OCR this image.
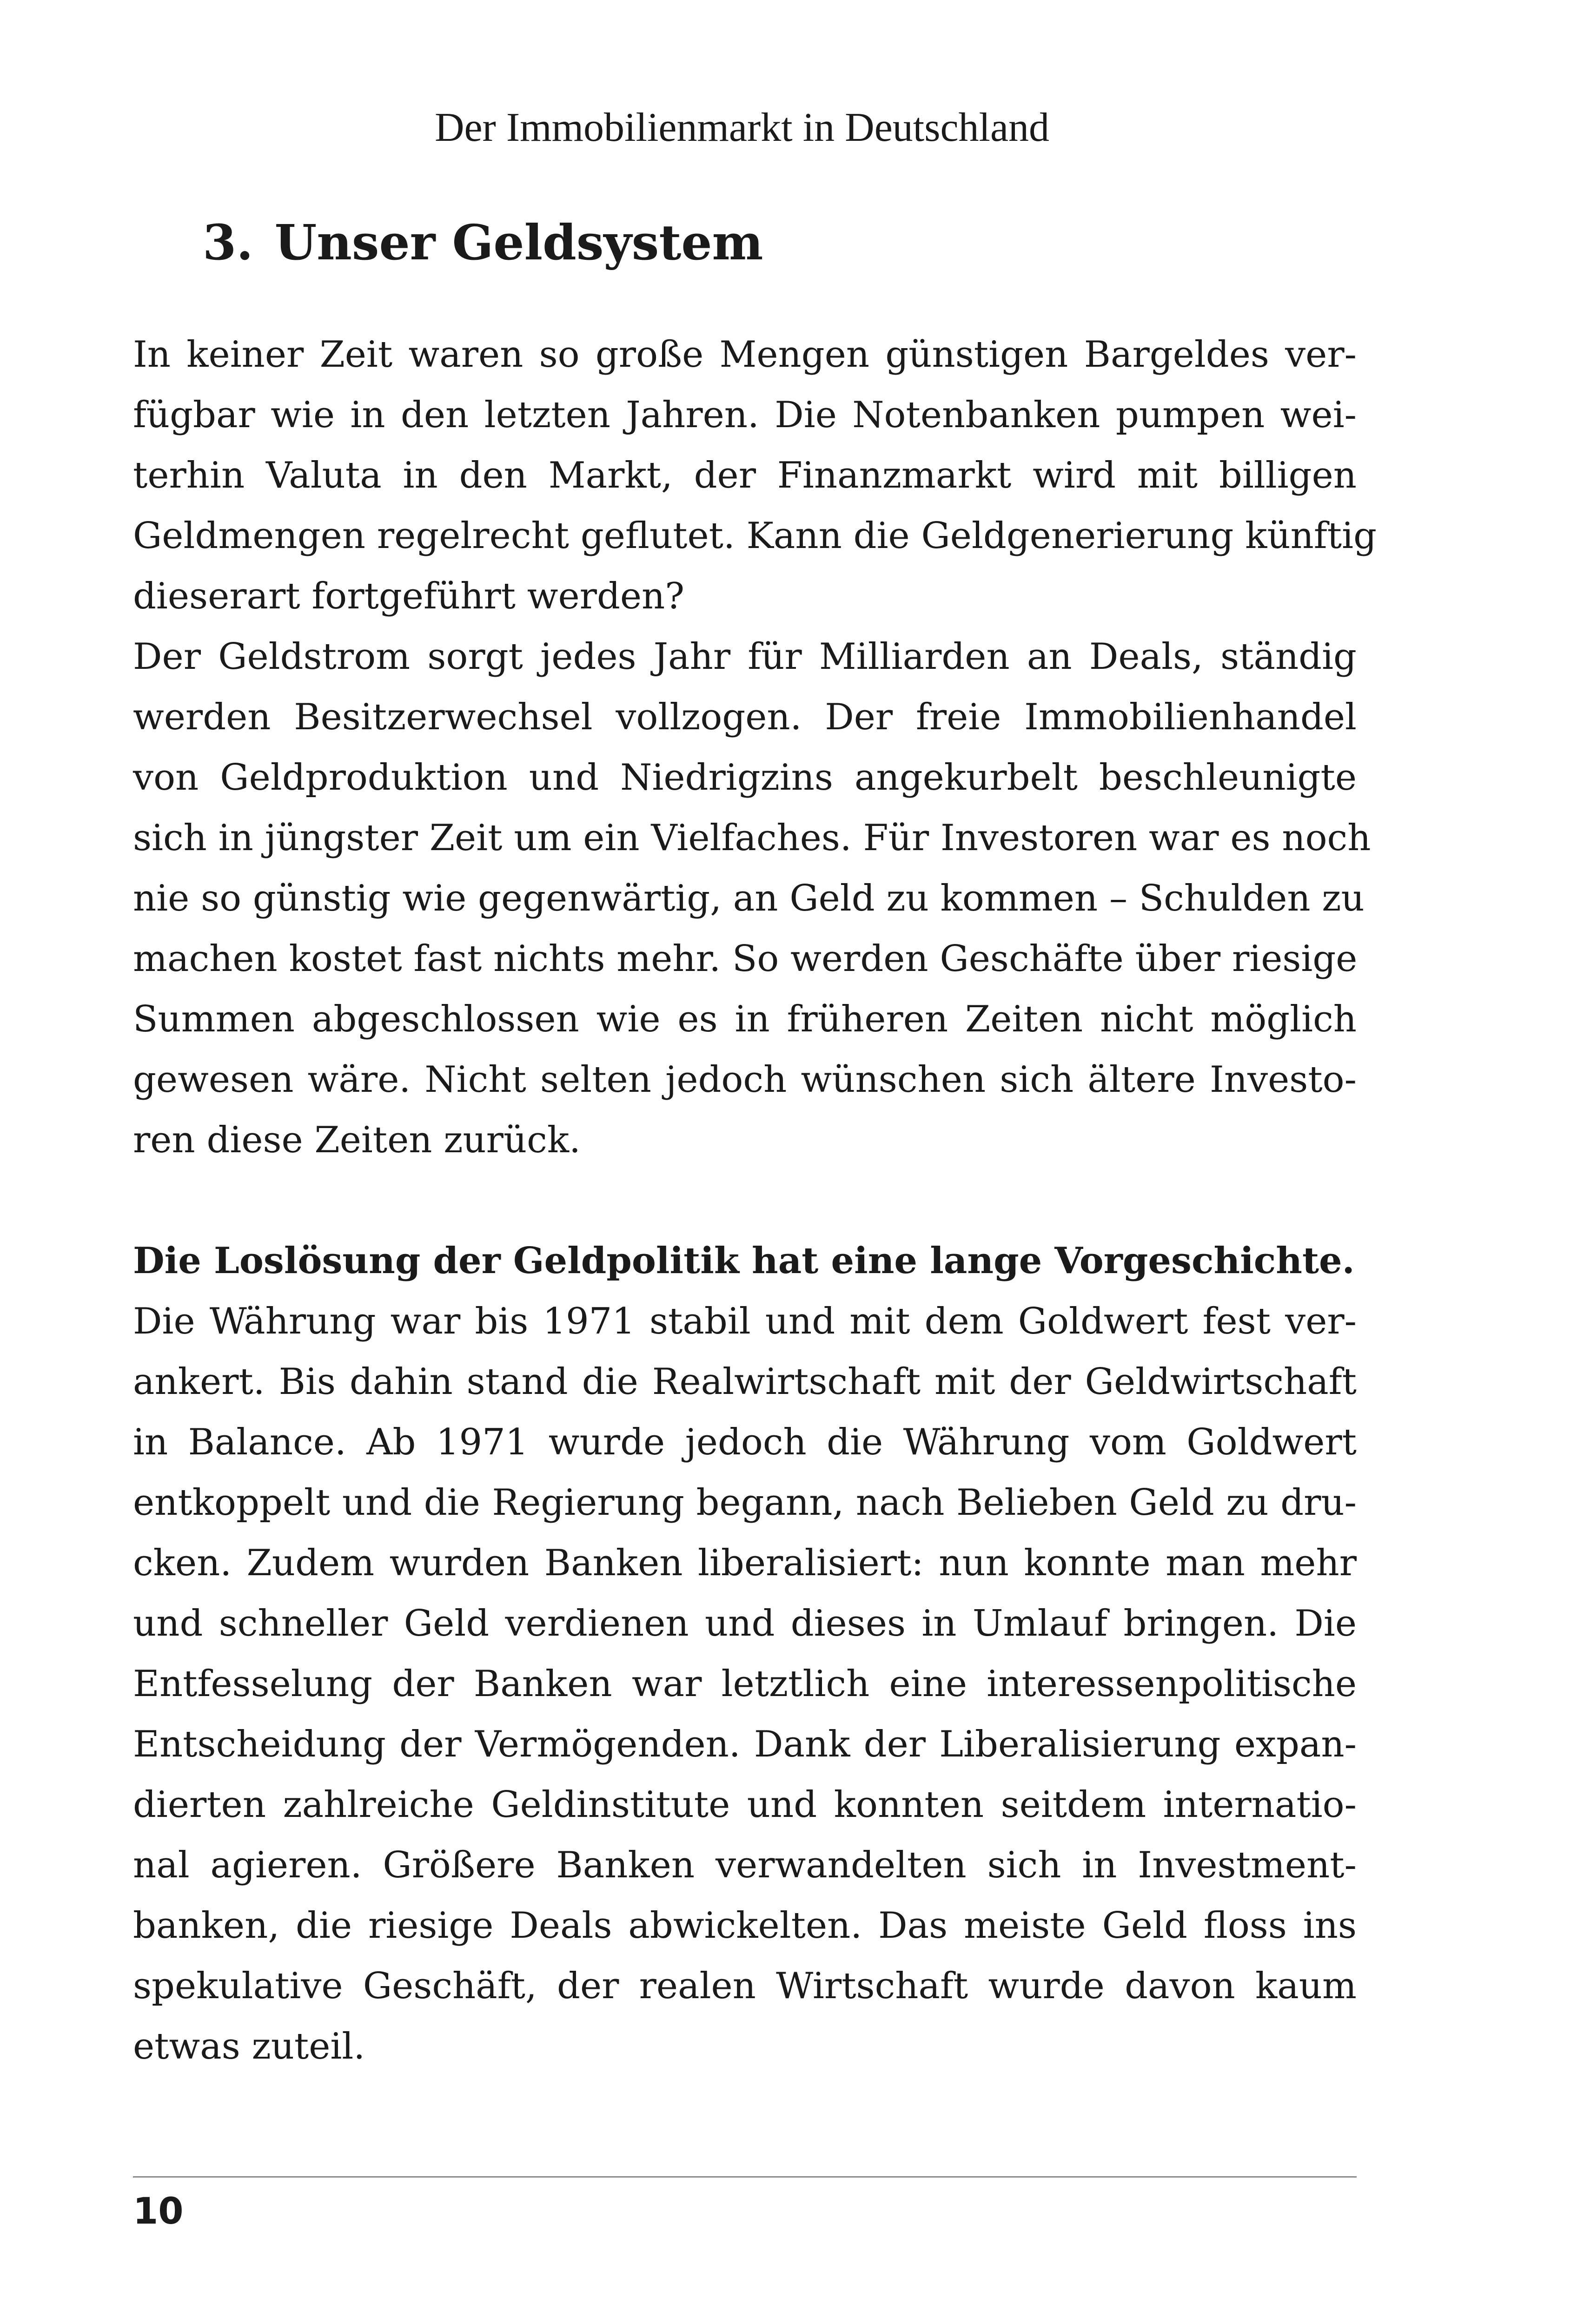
Der Immobilienmarkt in Deutschland
3. Unser Geldsystem
In keiner Zeit waren so große Mengen günstigen Bargeldes ver-
fügbar wie in den letzten Jahren. Die Notenbanken pumpen wei-
terhin Valuta in den Markt, der Finanzmarkt wird mit billigen
Geldmengen regelrecht geflutet. Kann die Geldgenerierung künftig
dieserart fortgeführt werden?
Der Geldstrom sorgt jedes Jahr für Milliarden an Deals, ständig
werden Besitzerwechsel vollzogen. Der freie Immobilienhandel
von Geldproduktion und Niedrigzins angekurbelt beschleunigte
sich in jüngster Zeit um ein Vielfaches. Für Investoren war es noch
nie so günstig wie gegenwärtig, an Geld zu kommen – Schulden zu
machen kostet fast nichts mehr. So werden Geschäfte über riesige
Summen abgeschlossen wie es in früheren Zeiten nicht möglich
gewesen wäre. Nicht selten jedoch wünschen sich ältere Investo-
ren diese Zeiten zurück.
Die Loslösung der Geldpolitik hat eine lange Vorgeschichte.
Die Währung war bis 1971 stabil und mit dem Goldwert fest ver-
ankert. Bis dahin stand die Realwirtschaft mit der Geldwirtschaft
in Balance. Ab 1971 wurde jedoch die Währung vom Goldwert
entkoppelt und die Regierung begann, nach Belieben Geld zu dru-
cken. Zudem wurden Banken liberalisiert: nun konnte man mehr
und schneller Geld verdienen und dieses in Umlauf bringen. Die
Entfesselung der Banken war letztlich eine interessenpolitische
Entscheidung der Vermögenden. Dank der Liberalisierung expan-
dierten zahlreiche Geldinstitute und konnten seitdem internatio-
nal agieren. Größere Banken verwandelten sich in Investment-
banken, die riesige Deals abwickelten. Das meiste Geld floss ins
spekulative Geschäft, der realen Wirtschaft wurde davon kaum
etwas zuteil.
10
